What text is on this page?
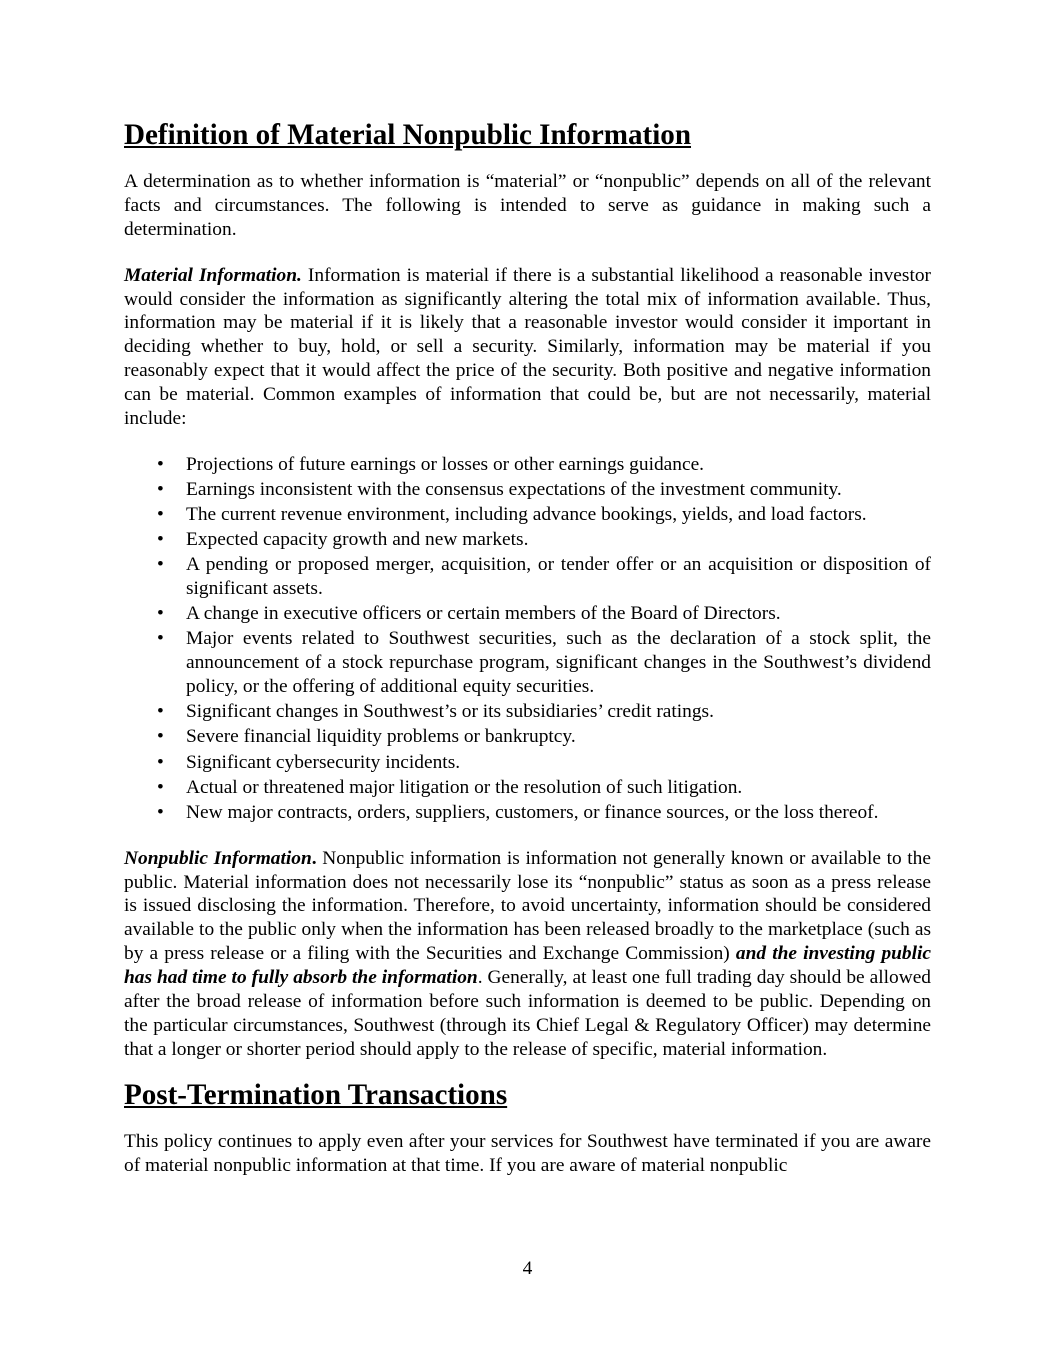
Definition of Material Nonpublic Information

A determination as to whether information is “material” or “nonpublic” depends on all of the relevant facts and circumstances. The following is intended to serve as guidance in making such a determination.

Material Information. Information is material if there is a substantial likelihood a reasonable investor would consider the information as significantly altering the total mix of information available. Thus, information may be material if it is likely that a reasonable investor would consider it important in deciding whether to buy, hold, or sell a security. Similarly, information may be material if you reasonably expect that it would affect the price of the security. Both positive and negative information can be material. Common examples of information that could be, but are not necessarily, material include:

• Projections of future earnings or losses or other earnings guidance.
• Earnings inconsistent with the consensus expectations of the investment community.
• The current revenue environment, including advance bookings, yields, and load factors.
• Expected capacity growth and new markets.
• A pending or proposed merger, acquisition, or tender offer or an acquisition or disposition of significant assets.
• A change in executive officers or certain members of the Board of Directors.
• Major events related to Southwest securities, such as the declaration of a stock split, the announcement of a stock repurchase program, significant changes in the Southwest’s dividend policy, or the offering of additional equity securities.
• Significant changes in Southwest’s or its subsidiaries’ credit ratings.
• Severe financial liquidity problems or bankruptcy.
• Significant cybersecurity incidents.
• Actual or threatened major litigation or the resolution of such litigation.
• New major contracts, orders, suppliers, customers, or finance sources, or the loss thereof.

Nonpublic Information. Nonpublic information is information not generally known or available to the public. Material information does not necessarily lose its “nonpublic” status as soon as a press release is issued disclosing the information. Therefore, to avoid uncertainty, information should be considered available to the public only when the information has been released broadly to the marketplace (such as by a press release or a filing with the Securities and Exchange Commission) and the investing public has had time to fully absorb the information. Generally, at least one full trading day should be allowed after the broad release of information before such information is deemed to be public. Depending on the particular circumstances, Southwest (through its Chief Legal & Regulatory Officer) may determine that a longer or shorter period should apply to the release of specific, material information.

Post-Termination Transactions

This policy continues to apply even after your services for Southwest have terminated if you are aware of material nonpublic information at that time. If you are aware of material nonpublic

4
